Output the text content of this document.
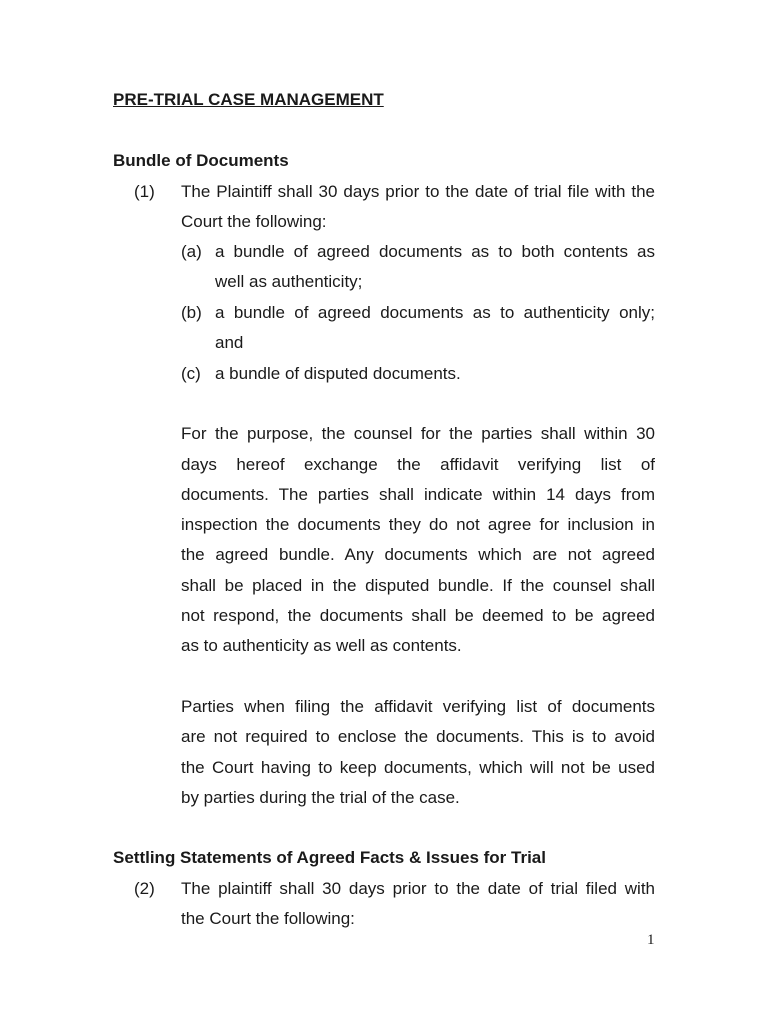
PRE-TRIAL CASE MANAGEMENT
Bundle of Documents
(1) The Plaintiff shall 30 days prior to the date of trial file with the
Court the following:
(a) a bundle of agreed documents as to both contents as
well as authenticity;
(b) a bundle of agreed documents as to authenticity only;
and
(c) a bundle of disputed documents.
For the purpose, the counsel for the parties shall within 30
days hereof exchange the affidavit verifying list of
documents. The parties shall indicate within 14 days from
inspection the documents they do not agree for inclusion in
the agreed bundle. Any documents which are not agreed
shall be placed in the disputed bundle. If the counsel shall
not respond, the documents shall be deemed to be agreed
as to authenticity as well as contents.
Parties when filing the affidavit verifying list of documents
are not required to enclose the documents. This is to avoid
the Court having to keep documents, which will not be used
by parties during the trial of the case.
Settling Statements of Agreed Facts & Issues for Trial
(2) The plaintiff shall 30 days prior to the date of trial filed with
the Court the following:
1
